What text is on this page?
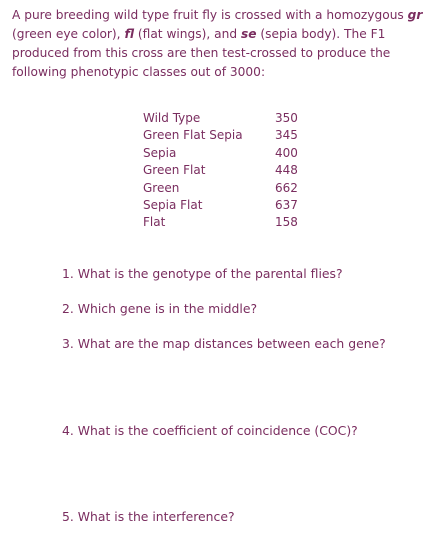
A pure breeding wild type fruit fly is crossed with a homozygous gr (green eye color), fl (flat wings), and se (sepia body). The F1 produced from this cross are then test-crossed to produce the following phenotypic classes out of 3000:

Wild Type	350
Green Flat Sepia	345
Sepia	400
Green Flat	448
Green	662
Sepia Flat	637
Flat	158

1. What is the genotype of the parental flies?

2. Which gene is in the middle?

3. What are the map distances between each gene?

4. What is the coefficient of coincidence (COC)?

5. What is the interference?
